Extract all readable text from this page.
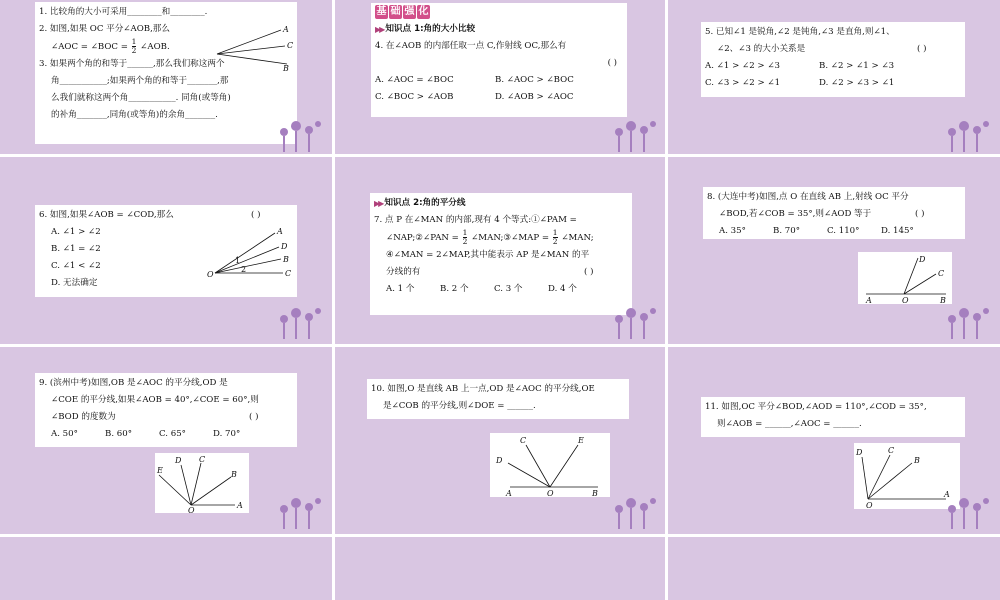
1. 比较角的大小可采用________和________.
2. 如图,如果 OC 平分∠AOB,那么
∠AOC = ∠BOC = $\frac{1}{2}$ ∠AOB.
3. 如果两个角的和等于______,那么我们称这两个
角___________;如果两个角的和等于_______,那
么我们就称这两个角___________. 同角(或等角)
的补角_______,同角(或等角)的余角_______.
A
C
B
基 础 强 化
▶▶ 知识点 1:角的大小比较
4. 在∠AOB 的内部任取一点 C,作射线 OC,那么有
( )
A. ∠AOC = ∠BOC	B. ∠AOC > ∠BOC
C. ∠BOC > ∠AOB	D. ∠AOB > ∠AOC
5. 已知∠1 是锐角,∠2 是钝角,∠3 是直角,则∠1、
∠2、∠3 的大小关系是	( )
A. ∠1 > ∠2 > ∠3	B. ∠2 > ∠1 > ∠3
C. ∠3 > ∠2 > ∠1	D. ∠2 > ∠3 > ∠1
6. 如图,如果∠AOB = ∠COD,那么	( )
A. ∠1 > ∠2
B. ∠1 = ∠2
C. ∠1 < ∠2
D. 无法确定
A
D
B
C
O
1
2
▶▶ 知识点 2:角的平分线
7. 点 P 在∠MAN 的内部,现有 4 个等式:①∠PAM =
∠NAP;②∠PAN = $\frac{1}{2}$ ∠MAN;③∠MAP = $\frac{1}{2}$ ∠MAN;
④∠MAN = 2∠MAP,其中能表示 AP 是∠MAN 的平
分线的有	( )
A. 1 个	B. 2 个	C. 3 个	D. 4 个
8. (大连中考)如图,点 O 在直线 AB 上,射线 OC 平分
∠BOD,若∠COB = 35°,则∠AOD 等于	( )
A. 35°	B. 70°	C. 110°	D. 145°
D
C
A	O	B
9. (滨州中考)如图,OB 是∠AOC 的平分线,OD 是
∠COE 的平分线,如果∠AOB = 40°,∠COE = 60°,则
∠BOD 的度数为	( )
A. 50°	B. 60°	C. 65°	D. 70°
D C
E	B
A
O
10. 如图,O 是直线 AB 上一点,OD 是∠AOC 的平分线,OE
是∠COB 的平分线,则∠DOE = ______.
C	E
D
A	O	B
11. 如图,OC 平分∠BOD,∠AOD = 110°,∠COD = 35°,
则∠AOB = ______,∠AOC = ______.
D	C
B
O
A
